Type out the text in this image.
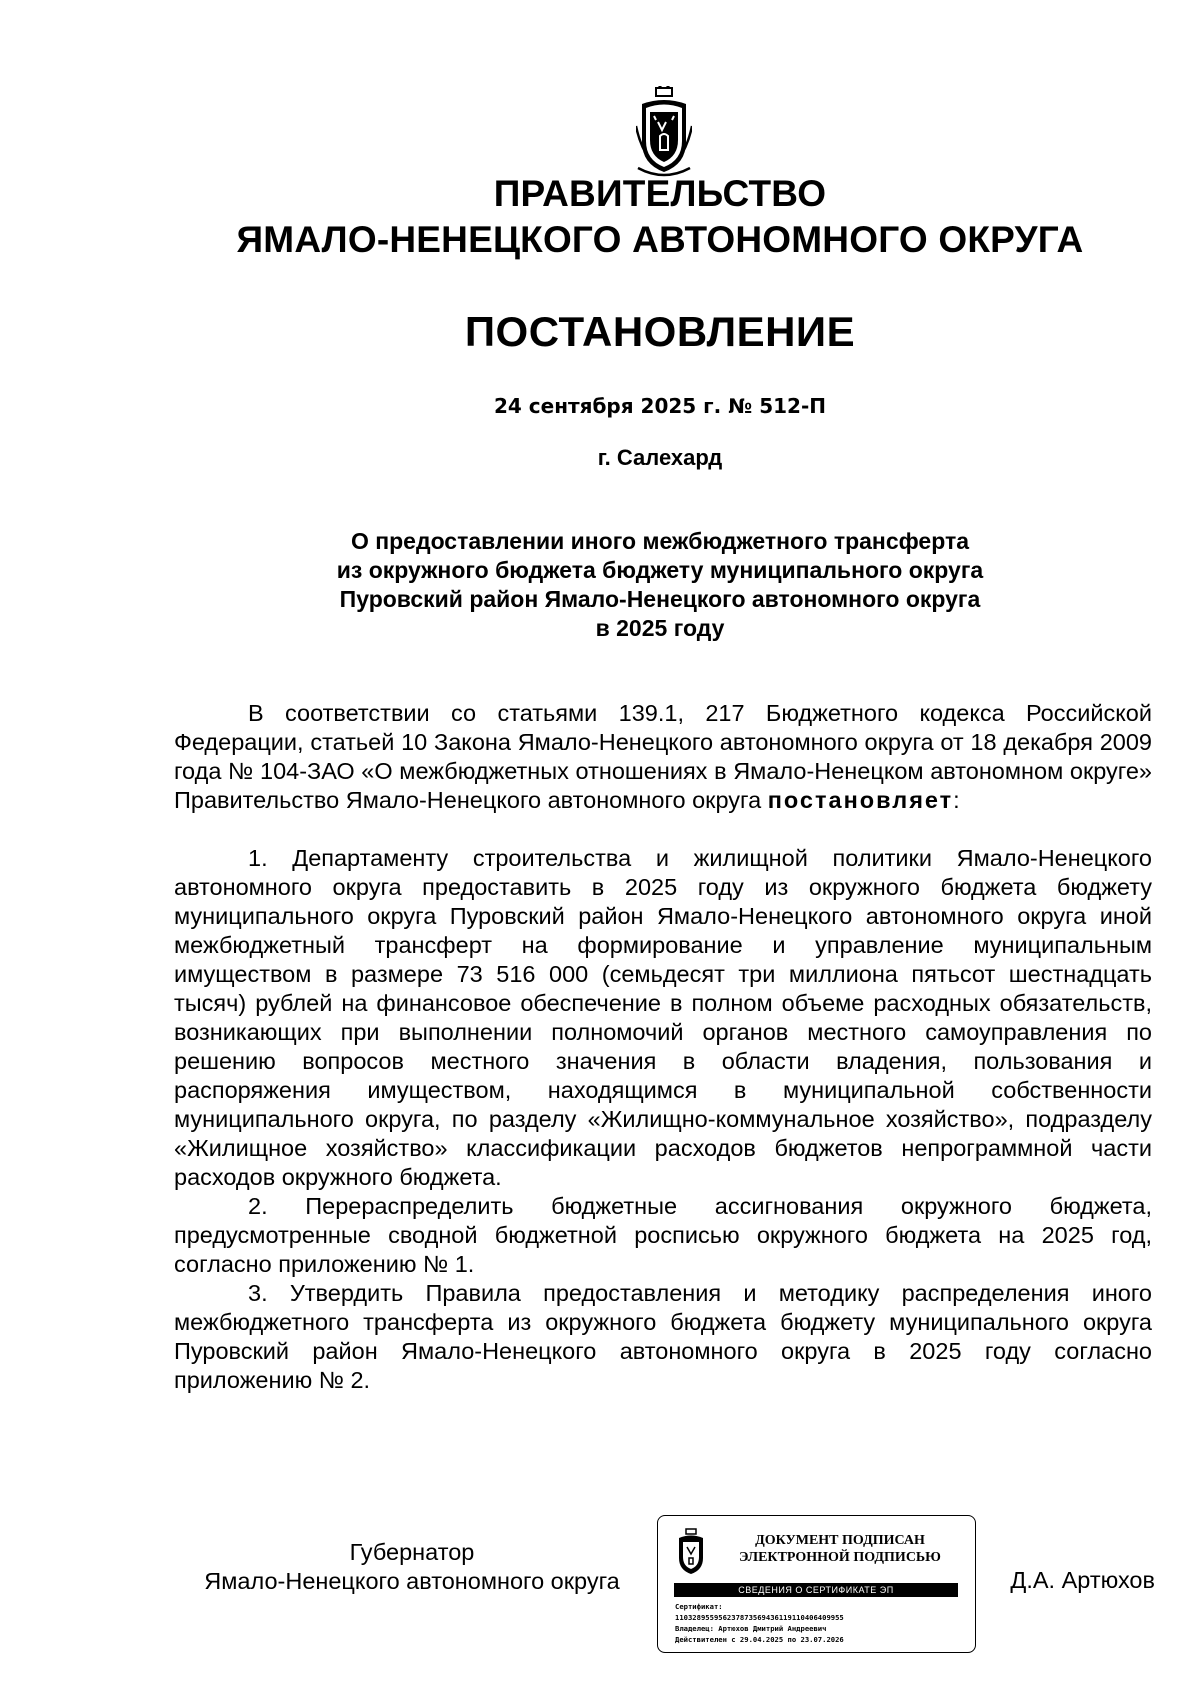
ПРАВИТЕЛЬСТВО
ЯМАЛО-НЕНЕЦКОГО АВТОНОМНОГО ОКРУГА
ПОСТАНОВЛЕНИЕ
24 сентября 2025 г. № 512-П
г. Салехард
О предоставлении иного межбюджетного трансферта
из окружного бюджета бюджету муниципального округа
Пуровский район Ямало-Ненецкого автономного округа
в 2025 году

В соответствии со статьями 139.1, 217 Бюджетного кодекса Российской Федерации, статьей 10 Закона Ямало-Ненецкого автономного округа от 18 декабря 2009 года № 104-ЗАО «О межбюджетных отношениях в Ямало-Ненецком автономном округе» Правительство Ямало-Ненецкого автономного округа постановляет:

1. Департаменту строительства и жилищной политики Ямало-Ненецкого автономного округа предоставить в 2025 году из окружного бюджета бюджету муниципального округа Пуровский район Ямало-Ненецкого автономного округа иной межбюджетный трансферт на формирование и управление муниципальным имуществом в размере 73 516 000 (семьдесят три миллиона пятьсот шестнадцать тысяч) рублей на финансовое обеспечение в полном объеме расходных обязательств, возникающих при выполнении полномочий органов местного самоуправления по решению вопросов местного значения в области владения, пользования и распоряжения имуществом, находящимся в муниципальной собственности муниципального округа, по разделу «Жилищно-коммунальное хозяйство», подразделу «Жилищное хозяйство» классификации расходов бюджетов непрограммной части расходов окружного бюджета.

2. Перераспределить бюджетные ассигнования окружного бюджета, предусмотренные сводной бюджетной росписью окружного бюджета на 2025 год, согласно приложению № 1.

3. Утвердить Правила предоставления и методику распределения иного межбюджетного трансферта из окружного бюджета бюджету муниципального округа Пуровский район Ямало-Ненецкого автономного округа в 2025 году согласно приложению № 2.

Губернатор
Ямало-Ненецкого автономного округа
ДОКУМЕНТ ПОДПИСАН
ЭЛЕКТРОННОЙ ПОДПИСЬЮ
СВЕДЕНИЯ О СЕРТИФИКАТЕ ЭП
Сертификат:
11032895595623787356943611911040640995​5
Владелец: Артюхов Дмитрий Андреевич
Действителен с 29.04.2025 по 23.07.2026
Д.А. Артюхов
